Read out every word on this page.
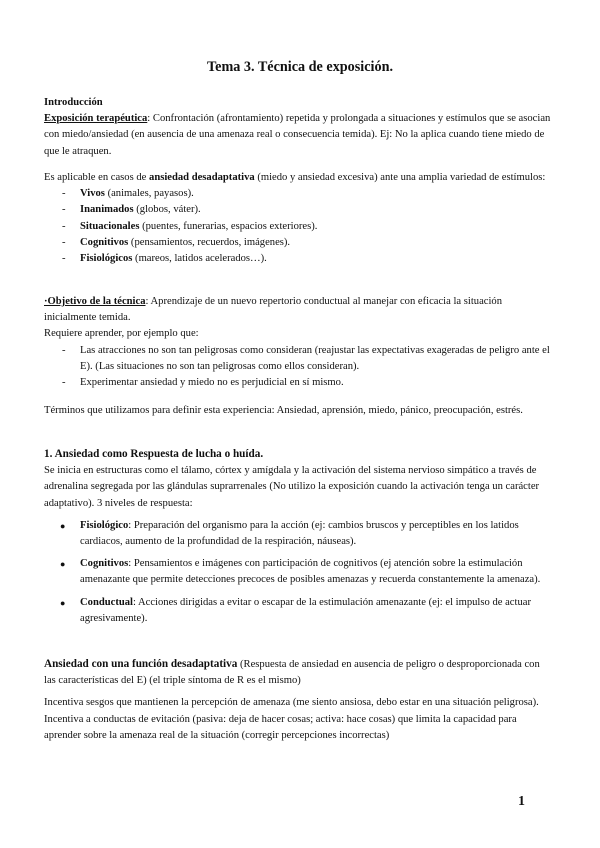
Tema 3. Técnica de exposición.

Introducción

Exposición terapéutica: Confrontación (afrontamiento) repetida y prolongada a situaciones y estímulos que se asocian con miedo/ansiedad (en ausencia de una amenaza real o consecuencia temida). Ej: No la aplica cuando tiene miedo de que le atraquen.

Es aplicable en casos de ansiedad desadaptativa (miedo y ansiedad excesiva) ante una amplia variedad de estímulos:

- Vivos (animales, payasos).
- Inanimados (globos, váter).
- Situacionales (puentes, funerarias, espacios exteriores).
- Cognitivos (pensamientos, recuerdos, imágenes).
- Fisiológicos (mareos, latidos acelerados…).

·Objetivo de la técnica: Aprendizaje de un nuevo repertorio conductual al manejar con eficacia la situación inicialmente temida.

Requiere aprender, por ejemplo que:

- Las atracciones no son tan peligrosas como consideran (reajustar las expectativas exageradas de peligro ante el E). (Las situaciones no son tan peligrosas como ellos consideran).
- Experimentar ansiedad y miedo no es perjudicial en sí mismo.
Términos que utilizamos para definir esta experiencia: Ansiedad, aprensión, miedo, pánico, preocupación, estrés.

1. Ansiedad como Respuesta de lucha o huída.

Se inicia en estructuras como el tálamo, córtex y amígdala y la activación del sistema nervioso simpático a través de adrenalina segregada por las glándulas suprarrenales (No utilizo la exposición cuando la activación tenga un carácter adaptativo). 3 niveles de respuesta:

● Fisiológico: Preparación del organismo para la acción (ej: cambios bruscos y perceptibles en los latidos cardiacos, aumento de la profundidad de la respiración, náuseas).
● Cognitivos: Pensamientos e imágenes con participación de cognitivos (ej atención sobre la estimulación amenazante que permite detecciones precoces de posibles amenazas y recuerda constantemente la amenaza).
● Conductual: Acciones dirigidas a evitar o escapar de la estimulación amenazante (ej: el impulso de actuar agresivamente).

Ansiedad con una función desadaptativa (Respuesta de ansiedad en ausencia de peligro o desproporcionada con las características del E) (el triple síntoma de R es el mismo)

Incentiva sesgos que mantienen la percepción de amenaza (me siento ansiosa, debo estar en una situación peligrosa).

Incentiva a conductas de evitación (pasiva: deja de hacer cosas; activa: hace cosas) que limita la capacidad para aprender sobre la amenaza real de la situación (corregir percepciones incorrectas)

1
